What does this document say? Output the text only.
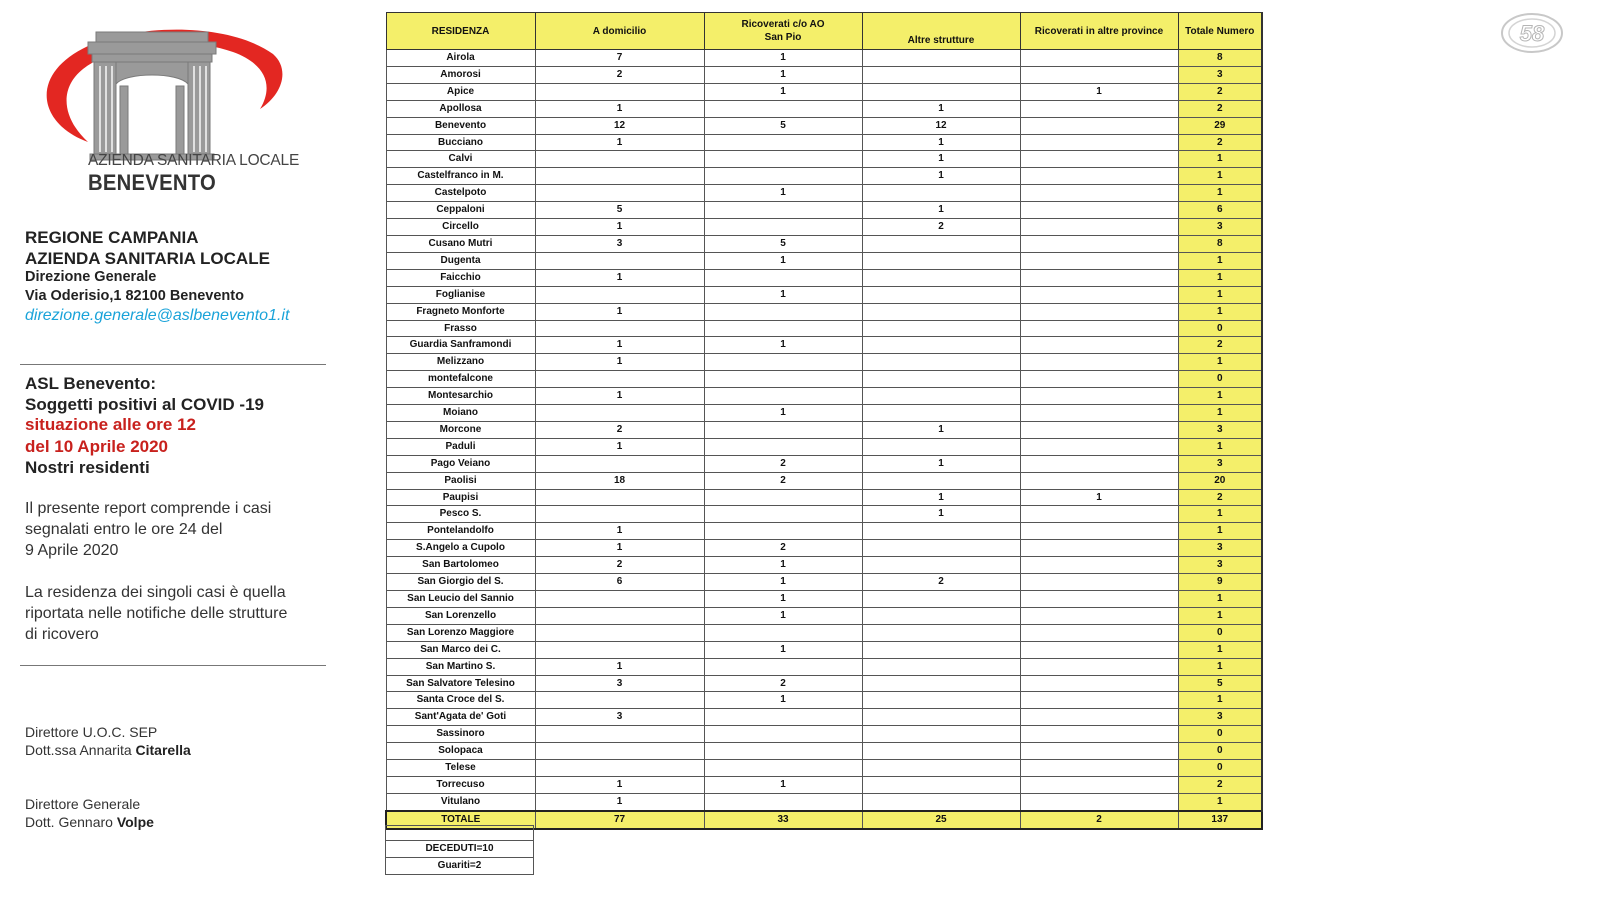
AZIENDA SANITARIA LOCALE
BENEVENTO
REGIONE CAMPANIA
AZIENDA SANITARIA LOCALE
Direzione Generale
Via Oderisio,1 82100 Benevento
direzione.generale@aslbenevento1.it
ASL Benevento:
Soggetti positivi al COVID -19
situazione alle ore 12
del 10 Aprile 2020
Nostri residenti
Il presente report comprende i casi
segnalati entro le ore 24 del
9 Aprile 2020
La residenza dei singoli casi è quella
riportata nelle notifiche delle strutture
di ricovero
Direttore U.O.C. SEP
Dott.ssa Annarita Citarella
Direttore Generale
Dott. Gennaro Volpe
RESIDENZA	A domicilio	Ricoverati c/o AO San Pio	Altre strutture	Ricoverati in altre province	Totale Numero
Airola	7	1			8
Amorosi	2	1			3
Apice		1		1	2
Apollosa	1		1		2
Benevento	12	5	12		29
Bucciano	1		1		2
Calvi			1		1
Castelfranco in M.			1		1
Castelpoto		1			1
Ceppaloni	5		1		6
Circello	1		2		3
Cusano Mutri	3	5			8
Dugenta		1			1
Faicchio	1				1
Foglianise		1			1
Fragneto Monforte	1				1
Frasso					0
Guardia Sanframondi	1	1			2
Melizzano	1				1
montefalcone					0
Montesarchio	1				1
Moiano		1			1
Morcone	2		1		3
Paduli	1				1
Pago Veiano		2	1		3
Paolisi	18	2			20
Paupisi			1	1	2
Pesco S.			1		1
Pontelandolfo	1				1
S.Angelo a Cupolo	1	2			3
San Bartolomeo	2	1			3
San Giorgio del S.	6	1	2		9
San Leucio del Sannio		1			1
San Lorenzello		1			1
San Lorenzo Maggiore					0
San Marco dei C.		1			1
San Martino S.	1				1
San Salvatore Telesino	3	2			5
Santa Croce del S.		1			1
Sant'Agata de' Goti	3				3
Sassinoro					0
Solopaca					0
Telese					0
Torrecuso	1	1			2
Vitulano	1				1
TOTALE	77	33	25	2	137

DECEDUTI=10
Guariti=2
58
